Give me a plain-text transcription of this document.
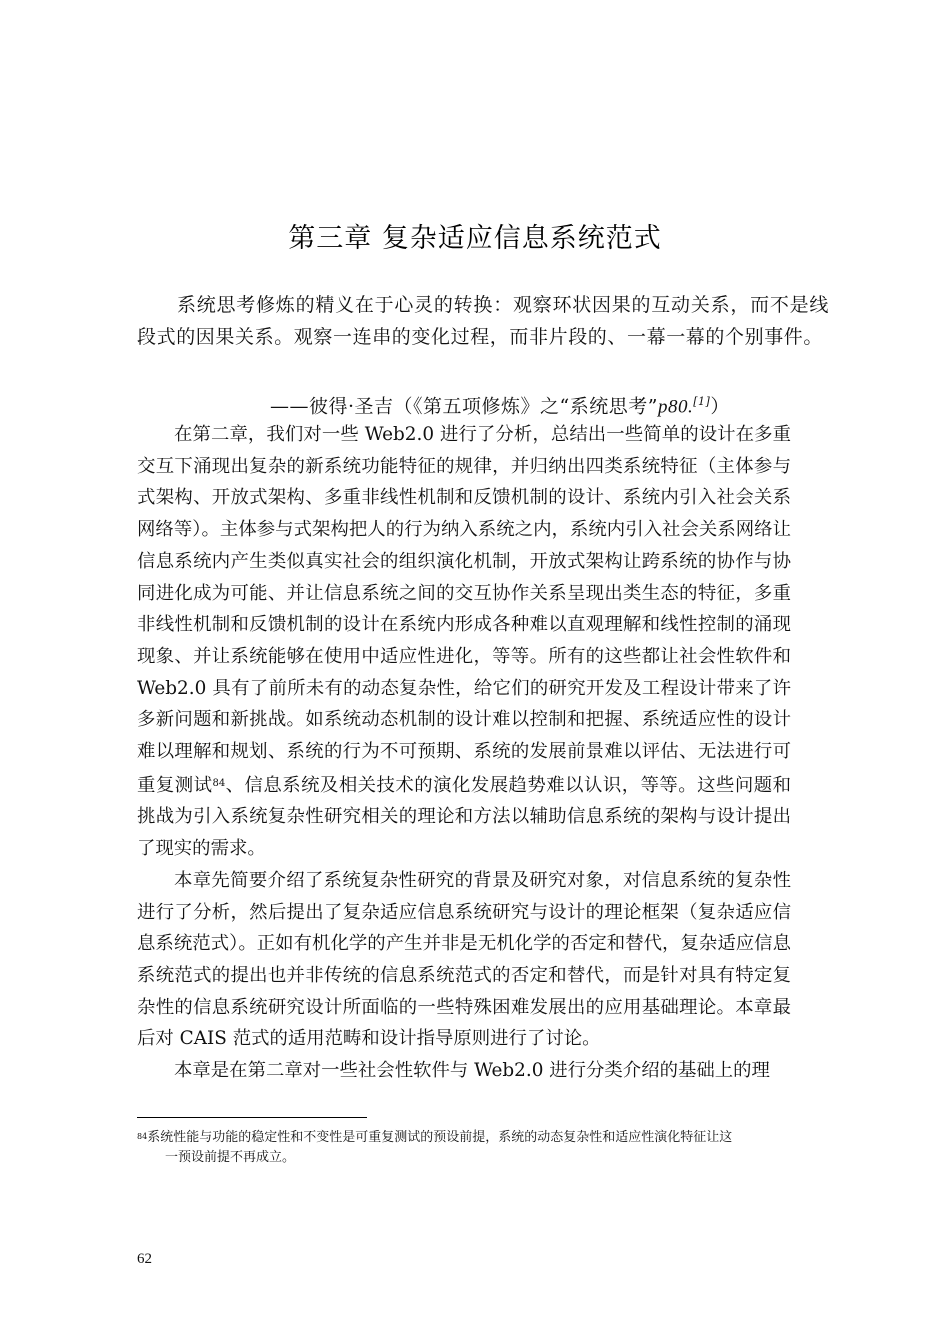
第三章 复杂适应信息系统范式

系统思考修炼的精义在于心灵的转换：观察环状因果的互动关系，而不是线段式的因果关系。观察一连串的变化过程，而非片段的、一幕一幕的个别事件。

——彼得·圣吉（《第五项修炼》之“系统思考”p80.[1]）

在第二章，我们对一些 Web2.0 进行了分析，总结出一些简单的设计在多重交互下涌现出复杂的新系统功能特征的规律，并归纳出四类系统特征（主体参与式架构、开放式架构、多重非线性机制和反馈机制的设计、系统内引入社会关系网络等）。主体参与式架构把人的行为纳入系统之内，系统内引入社会关系网络让信息系统内产生类似真实社会的组织演化机制，开放式架构让跨系统的协作与协同进化成为可能、并让信息系统之间的交互协作关系呈现出类生态的特征，多重非线性机制和反馈机制的设计在系统内形成各种难以直观理解和线性控制的涌现现象、并让系统能够在使用中适应性进化，等等。所有的这些都让社会性软件和 Web2.0 具有了前所未有的动态复杂性，给它们的研究开发及工程设计带来了许多新问题和新挑战。如系统动态机制的设计难以控制和把握、系统适应性的设计难以理解和规划、系统的行为不可预期、系统的发展前景难以评估、无法进行可重复测试$^{84}$、信息系统及相关技术的演化发展趋势难以认识，等等。这些问题和挑战为引入系统复杂性研究相关的理论和方法以辅助信息系统的架构与设计提出了现实的需求。

本章先简要介绍了系统复杂性研究的背景及研究对象，对信息系统的复杂性进行了分析，然后提出了复杂适应信息系统研究与设计的理论框架（复杂适应信息系统范式）。正如有机化学的产生并非是无机化学的否定和替代，复杂适应信息系统范式的提出也并非传统的信息系统范式的否定和替代，而是针对具有特定复杂性的信息系统研究设计所面临的一些特殊困难发展出的应用基础理论。本章最后对 CAIS 范式的适用范畴和设计指导原则进行了讨论。

本章是在第二章对一些社会性软件与 Web2.0 进行分类介绍的基础上的理

84系统性能与功能的稳定性和不变性是可重复测试的预设前提，系统的动态复杂性和适应性演化特征让这
一预设前提不再成立。

62
